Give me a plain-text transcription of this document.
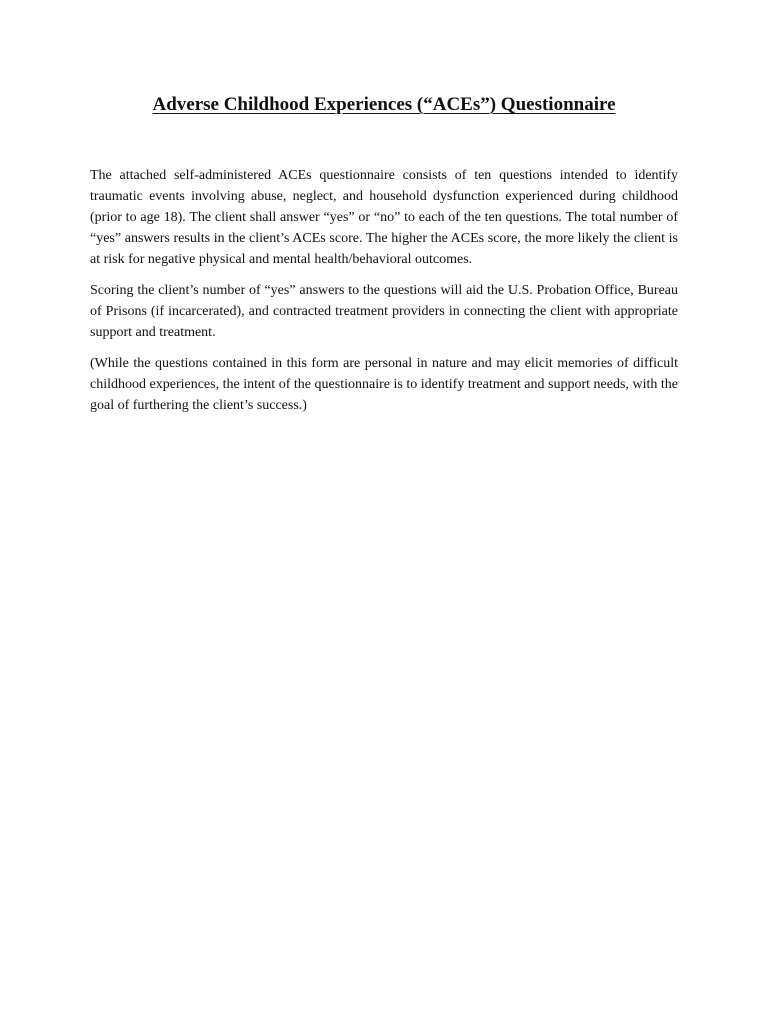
Adverse Childhood Experiences (“ACEs”) Questionnaire

The attached self-administered ACEs questionnaire consists of ten questions intended to identify traumatic events involving abuse, neglect, and household dysfunction experienced during childhood (prior to age 18). The client shall answer “yes” or “no” to each of the ten questions. The total number of “yes” answers results in the client’s ACEs score. The higher the ACEs score, the more likely the client is at risk for negative physical and mental health/behavioral outcomes.

Scoring the client’s number of “yes” answers to the questions will aid the U.S. Probation Office, Bureau of Prisons (if incarcerated), and contracted treatment providers in connecting the client with appropriate support and treatment.

(While the questions contained in this form are personal in nature and may elicit memories of difficult childhood experiences, the intent of the questionnaire is to identify treatment and support needs, with the goal of furthering the client’s success.)
